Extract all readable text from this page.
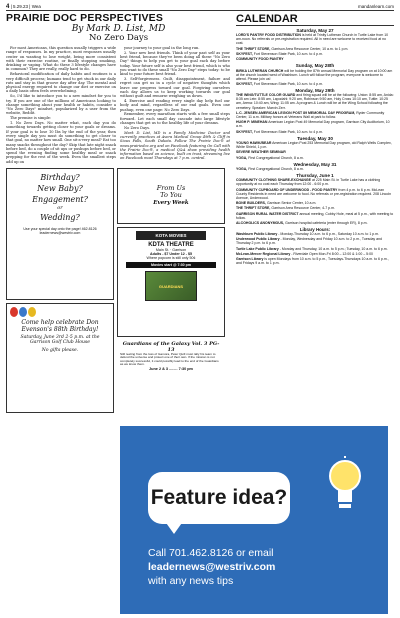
4 | 5.29.23 | Wea	mandanlearn.com
PRAIRIE DOC PERSPECTIVES
By Mark D. List, MD
No Zero Days

For most Americans, this question usually triggers a wide range of responses. In my practice, most responses usually center on wanting to lose weight, being more consistent with their exercise routine, or finally stopping smoking, drinking or vaping. What do these 3 lifestyle changes have in common? They are really, really hard to do.

Behavioral modification of daily habits and routines is a very difficult process; humans tend to get stuck in our daily ruts and stay in that groove day after day. The mental and physical energy required to change our diet or exercise on a daily basis often feels overwhelming.

So, I'd like to introduce you to a new mindset for you to try. If you are one of the millions of Americans looking to change something about your health or habits, consider a "No Zero Days" mindset, popularized by a user from the website, Reddit.

The premise is simple:

1. No Zero Days. No matter what, each day you do something towards getting closer to your goals or dreams. If your goal is to lose 10 lbs by the end of the year, then every single day you must do something to get closer to that goal, no matter how small. One sit-a-very meal? Eat too many snacks throughout the day? Skip that late night snack before bed, do a couple of sit ups or pushups before bed, or spend the evening finding some healthy meal or snack prepping for the rest of the week. Even the smallest steps add up on

your journey to your goal in the long run.

2. Your new best friends. Think of your past self as your best friend, because they've been doing all these "No Zero Day" things to help you get to your goal each day before today. Your future self is also your best friend, which is who you want to do these small "No Zero Day" steps today: to be kind to your future best friend.

3. Self-forgiveness. Guilt, disappointment, failure and regret can get us in a cycle of negative thoughts which leave our progress toward our goal. Forgiving ourselves each day allows us to keep working towards our goal without guilt and remorse weighing us down.

4. Exercise and reading every single day help fuel our body and mind, regardless of our end goals. Even one pushup, even one page: No Zero Days.

Remember, every marathon starts with a few small steps forward. Let each small day cascade into large lifestyle changes that get us to the healthy life of your dreams.

No Zero Days.

Mark D. List, MD is a Family Medicine Doctor and currently practices at Avera Medical Group 49th & Cliff in Sioux Falls, South Dakota. Follow The Prairie Doc® at www.prairiedoc.org and on Facebook featuring On Call with the Prairie Doc®, a medical Q&A show providing health information based on science, built on trust, streaming live on Facebook most Thursdays at 7 p.m. central.

Birthday?
New Baby?
Engagement?
or
Wedding?
Use your special day onto the page! 462.8126 leadernews@westriv.com
Come help celebrate Don Evenson's 88th Birthday!
Saturday, June 3rd 2-5 p.m. at the Garrison Golf Club House
No gifts please.
From Us
To You
Every Week
KOTA MOVIES
KDTA THEATRE
Main St. · Garrison
Adults - $7 Under 12 - $5
Where popcorn is still only 50¢
Movies start @ 7:30 pm
GUARDIANS
Guardians of the Galaxy Vol. 3 PG-13
Still reeling from the loss of Gamora, Peter Quill must rally his team to defend the universe and protect one of their own. If the mission is not completely successful, it could possibly lead to the end of the Guardians as we know them.
June 2 & 3 ........ 7:30 pm
CALENDAR
Saturday, May 27
LORD'S PANTRY FOOD DISTRIBUTION is held at Trinity Lutheran Church in Turtle Lake from 10 am-noon. No referrals or pre-registration required. All in need are welcome to received food at no cost.
THE THRIFT STORE, Garrison Area Resource Center, 10 a.m. to 1 p.m.
SKYFEST, Fort Stevenson State Park, 10 a.m. to 4 p.m.
COMMUNITY FOOD PANTRY
Sunday, May 28th
BIRKA LUTHERAN CHURCH will be holding the 87th annual Memorial Day program on at 10:00 am at the church located west of Washburn. Lunch will follow the program, everyone is welcome to attend. Please join us!
SKYFEST, Fort Stevenson State Park, 10 a.m. to 4 p.m.
Monday, May 29th
THE WING/TUTTLE COLOR GUARD and firing squad will be at the following: Union: 8:55 am, Anida: 8:35 am Lein: 8:55 am, Lapodahl: 9:20 am, Robinson 9:50 am, Holy Cross 10:10 am, Tuttle: 10:25 am, Arena: 10:40 am, Wing: 11:05 am. A program & Lunch will be at the Wing School following the cemetery. Speaker: Marvin Zerr.
L.C. JENSEN AMERICAN LEGION POST 89 MEMORIAL DAY PROGRAM, Ryder Community Center, 11 a.m. Military honors at Veterans Wall at park to follow.
HUGH P. MINEHAN American Legion Post 49 Memorial Day program, Garrison City Auditorium, 10 a.m.
SKYFEST, Fort Stevenson State Park, 10 a.m. to 4 p.m.
Tuesday, May 30
YOUNG HAWK/BEAR American Legion Post 253 Memorial Day program, old Ralph Wells Complex, White Shield, 1 p.m.
SEVERE WEATHER SEMINAR
YOGA, First Congregational Church, 8 a.m.
Wednesday, May 31
YOGA, First Congregational Church, 8 a.m.
Thursday, June 1
COMMUNITY CLOTHING SHARE-EXCHANGE at 225 Main St. in Turtle Lake has a clothing opportunity at no cost each Thursday from 12:00 - 6:00 p.m.
COMMUNITY CUPBOARD OF UNDERWOOD - FOOD PANTRY from 4 p.m. to 6 p.m. McLean County Residents in need are welcome to food. No referrals or pre-registration required. 208 Lincoln Avenue, Underwood.
BONE BUILDERS, Garrison Senior Center, 10 a.m.
THE THRIFT STORE, Garrison Area Resource Center, 4-7 p.m.
GARRISON RURAL WATER DISTRICT annual meeting, Cobby Hole, meal at 5 p.m., with meeting to follow.
ALCOHOLICS ANONYMOUS, Garrison hospital cafeteria (enter through ER), 8 p.m.
Library Hours:
Washburn Public Library - Monday-Thursday 10 a.m. to 6 p.m., Saturday 10 a.m. to 1 p.m.
Underwood Public Library - Monday, Wednesday and Friday 10 a.m. to 2 p.m., Tuesday and Thursday 2 p.m. to 6 p.m.
Turtle Lake Public Library - Monday and Thursday, 10 a.m. to 5 p.m.; Tuesday, 10 a.m. to 6 p.m.
McLean-Mercer Regional Library - Riverdale Open Mon-Fri 8:00 – 12:00 & 1:00 – 5:00
Garrison Library is open Mondays from 10 a.m. to 5 p.m., Tuesdays-Thursdays 10 a.m. to 6 p.m., and Fridays 9 a.m. to 1 p.m.
Feature idea?
Call 701.462.8126 or email
leadernews@westriv.com
with any news tips
